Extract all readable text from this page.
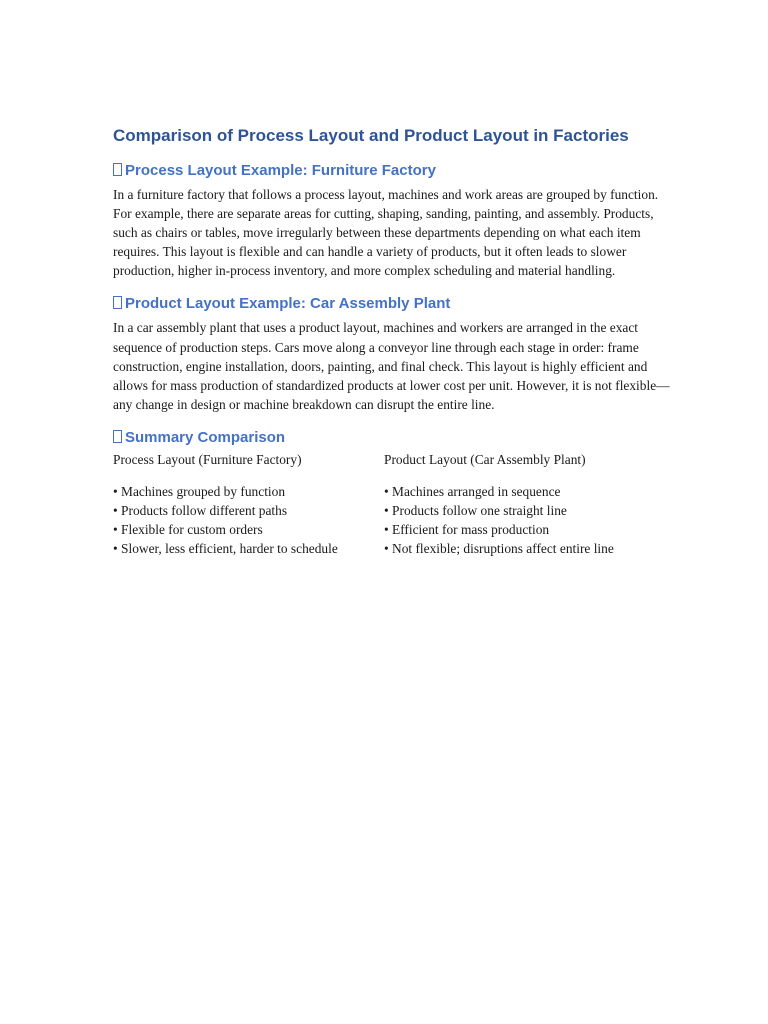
Comparison of Process Layout and Product Layout in Factories
Process Layout Example: Furniture Factory

In a furniture factory that follows a process layout, machines and work areas are grouped by function. For example, there are separate areas for cutting, shaping, sanding, painting, and assembly. Products, such as chairs or tables, move irregularly between these departments depending on what each item requires. This layout is flexible and can handle a variety of products, but it often leads to slower production, higher in-process inventory, and more complex scheduling and material handling.

Product Layout Example: Car Assembly Plant

In a car assembly plant that uses a product layout, machines and workers are arranged in the exact sequence of production steps. Cars move along a conveyor line through each stage in order: frame construction, engine installation, doors, painting, and final check. This layout is highly efficient and allows for mass production of standardized products at lower cost per unit. However, it is not flexible—any change in design or machine breakdown can disrupt the entire line.

Summary Comparison

Process Layout (Furniture Factory)

• Machines grouped by function
• Products follow different paths
• Flexible for custom orders
• Slower, less efficient, harder to schedule

Product Layout (Car Assembly Plant)

• Machines arranged in sequence
• Products follow one straight line
• Efficient for mass production
• Not flexible; disruptions affect entire line
